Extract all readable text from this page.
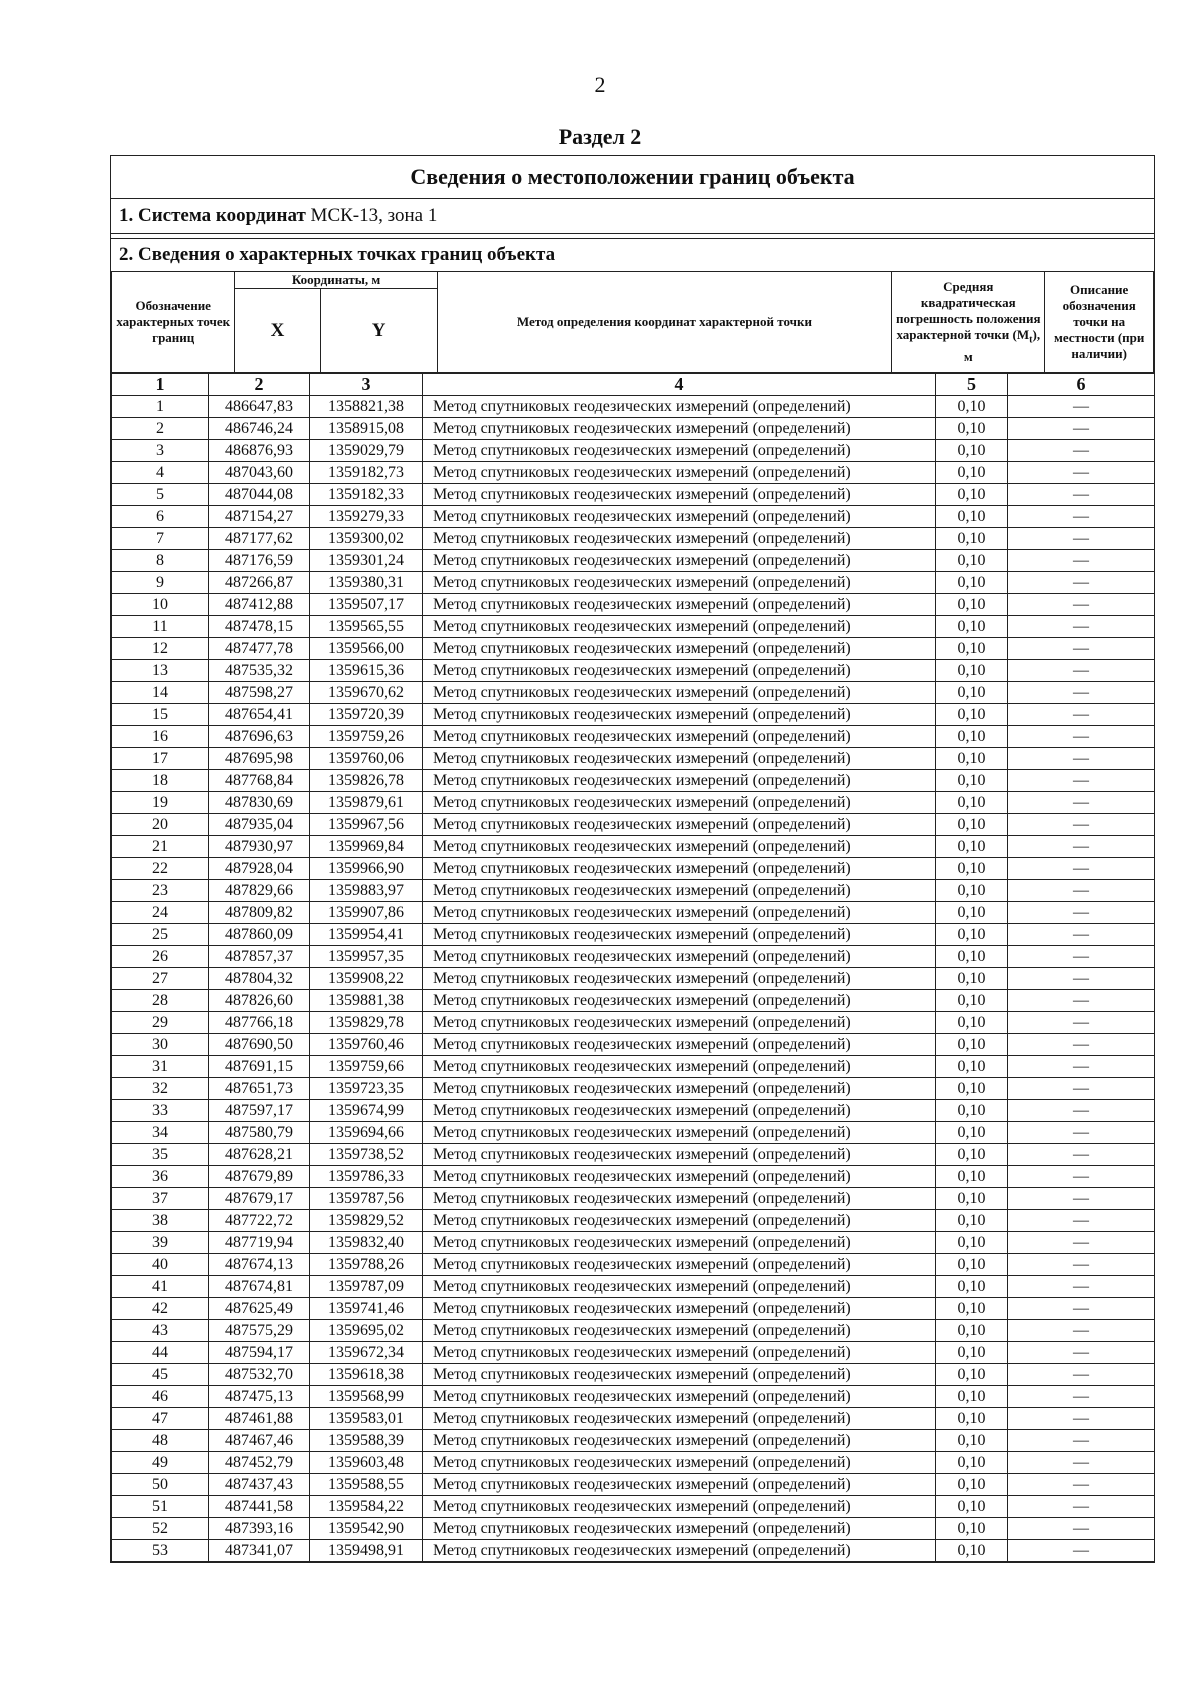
2
Раздел 2
Сведения о местоположении границ объекта
1. Система координат МСК-13, зона 1
2. Сведения о характерных точках границ объекта
Обозначение характерных точек границ	Координаты, м		Метод определения координат характерной точки	Средняя квадратическая погрешность положения характерной точки $(M_t)$, м	Описание обозначения точки на местности (при наличии)
	X	Y			
1	2	3	4	5	6
1	486647,83	1358821,38	Метод спутниковых геодезических измерений (определений)	0,10	—
2	486746,24	1358915,08	Метод спутниковых геодезических измерений (определений)	0,10	—
3	486876,93	1359029,79	Метод спутниковых геодезических измерений (определений)	0,10	—
4	487043,60	1359182,73	Метод спутниковых геодезических измерений (определений)	0,10	—
5	487044,08	1359182,33	Метод спутниковых геодезических измерений (определений)	0,10	—
6	487154,27	1359279,33	Метод спутниковых геодезических измерений (определений)	0,10	—
7	487177,62	1359300,02	Метод спутниковых геодезических измерений (определений)	0,10	—
8	487176,59	1359301,24	Метод спутниковых геодезических измерений (определений)	0,10	—
9	487266,87	1359380,31	Метод спутниковых геодезических измерений (определений)	0,10	—
10	487412,88	1359507,17	Метод спутниковых геодезических измерений (определений)	0,10	—
11	487478,15	1359565,55	Метод спутниковых геодезических измерений (определений)	0,10	—
12	487477,78	1359566,00	Метод спутниковых геодезических измерений (определений)	0,10	—
13	487535,32	1359615,36	Метод спутниковых геодезических измерений (определений)	0,10	—
14	487598,27	1359670,62	Метод спутниковых геодезических измерений (определений)	0,10	—
15	487654,41	1359720,39	Метод спутниковых геодезических измерений (определений)	0,10	—
16	487696,63	1359759,26	Метод спутниковых геодезических измерений (определений)	0,10	—
17	487695,98	1359760,06	Метод спутниковых геодезических измерений (определений)	0,10	—
18	487768,84	1359826,78	Метод спутниковых геодезических измерений (определений)	0,10	—
19	487830,69	1359879,61	Метод спутниковых геодезических измерений (определений)	0,10	—
20	487935,04	1359967,56	Метод спутниковых геодезических измерений (определений)	0,10	—
21	487930,97	1359969,84	Метод спутниковых геодезических измерений (определений)	0,10	—
22	487928,04	1359966,90	Метод спутниковых геодезических измерений (определений)	0,10	—
23	487829,66	1359883,97	Метод спутниковых геодезических измерений (определений)	0,10	—
24	487809,82	1359907,86	Метод спутниковых геодезических измерений (определений)	0,10	—
25	487860,09	1359954,41	Метод спутниковых геодезических измерений (определений)	0,10	—
26	487857,37	1359957,35	Метод спутниковых геодезических измерений (определений)	0,10	—
27	487804,32	1359908,22	Метод спутниковых геодезических измерений (определений)	0,10	—
28	487826,60	1359881,38	Метод спутниковых геодезических измерений (определений)	0,10	—
29	487766,18	1359829,78	Метод спутниковых геодезических измерений (определений)	0,10	—
30	487690,50	1359760,46	Метод спутниковых геодезических измерений (определений)	0,10	—
31	487691,15	1359759,66	Метод спутниковых геодезических измерений (определений)	0,10	—
32	487651,73	1359723,35	Метод спутниковых геодезических измерений (определений)	0,10	—
33	487597,17	1359674,99	Метод спутниковых геодезических измерений (определений)	0,10	—
34	487580,79	1359694,66	Метод спутниковых геодезических измерений (определений)	0,10	—
35	487628,21	1359738,52	Метод спутниковых геодезических измерений (определений)	0,10	—
36	487679,89	1359786,33	Метод спутниковых геодезических измерений (определений)	0,10	—
37	487679,17	1359787,56	Метод спутниковых геодезических измерений (определений)	0,10	—
38	487722,72	1359829,52	Метод спутниковых геодезических измерений (определений)	0,10	—
39	487719,94	1359832,40	Метод спутниковых геодезических измерений (определений)	0,10	—
40	487674,13	1359788,26	Метод спутниковых геодезических измерений (определений)	0,10	—
41	487674,81	1359787,09	Метод спутниковых геодезических измерений (определений)	0,10	—
42	487625,49	1359741,46	Метод спутниковых геодезических измерений (определений)	0,10	—
43	487575,29	1359695,02	Метод спутниковых геодезических измерений (определений)	0,10	—
44	487594,17	1359672,34	Метод спутниковых геодезических измерений (определений)	0,10	—
45	487532,70	1359618,38	Метод спутниковых геодезических измерений (определений)	0,10	—
46	487475,13	1359568,99	Метод спутниковых геодезических измерений (определений)	0,10	—
47	487461,88	1359583,01	Метод спутниковых геодезических измерений (определений)	0,10	—
48	487467,46	1359588,39	Метод спутниковых геодезических измерений (определений)	0,10	—
49	487452,79	1359603,48	Метод спутниковых геодезических измерений (определений)	0,10	—
50	487437,43	1359588,55	Метод спутниковых геодезических измерений (определений)	0,10	—
51	487441,58	1359584,22	Метод спутниковых геодезических измерений (определений)	0,10	—
52	487393,16	1359542,90	Метод спутниковых геодезических измерений (определений)	0,10	—
53	487341,07	1359498,91	Метод спутниковых геодезических измерений (определений)	0,10	—
